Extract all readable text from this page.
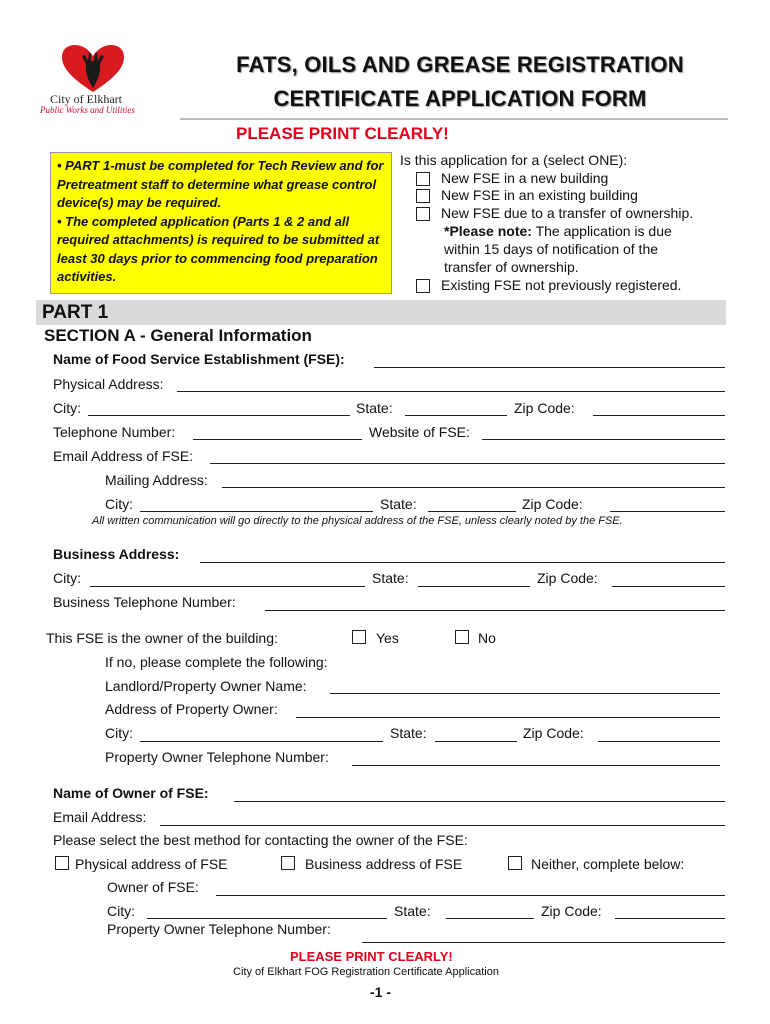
City of Elkhart
Public Works and Utilities
FATS, OILS AND GREASE REGISTRATION
CERTIFICATE APPLICATION FORM
PLEASE PRINT CLEARLY!
• PART 1-must be completed for Tech Review and for Pretreatment staff to determine what grease control device(s) may be required.
• The completed application (Parts 1 & 2 and all required attachments) is required to be submitted at least 30 days prior to commencing food preparation activities.
Is this application for a (select ONE):
New FSE in a new building
New FSE in an existing building
New FSE due to a transfer of ownership.
*Please note: The application is due
within 15 days of notification of the
transfer of ownership.
Existing FSE not previously registered.
PART 1
SECTION A - General Information
Name of Food Service Establishment (FSE):
Physical Address:
City:	State:	Zip Code:
Telephone Number:	Website of FSE:
Email Address of FSE:
Mailing Address:
City:	State:	Zip Code:
All written communication will go directly to the physical address of the FSE, unless clearly noted by the FSE.
Business Address:
City:	State:	Zip Code:
Business Telephone Number:
This FSE is the owner of the building:	Yes	No
If no, please complete the following:
Landlord/Property Owner Name:
Address of Property Owner:
City:	State:	Zip Code:
Property Owner Telephone Number:
Name of Owner of FSE:
Email Address:
Please select the best method for contacting the owner of the FSE:
Physical address of FSE	Business address of FSE	Neither, complete below:
Owner of FSE:
City:	State:	Zip Code:
Property Owner Telephone Number:
PLEASE PRINT CLEARLY!
City of Elkhart FOG Registration Certificate Application
-1 -
